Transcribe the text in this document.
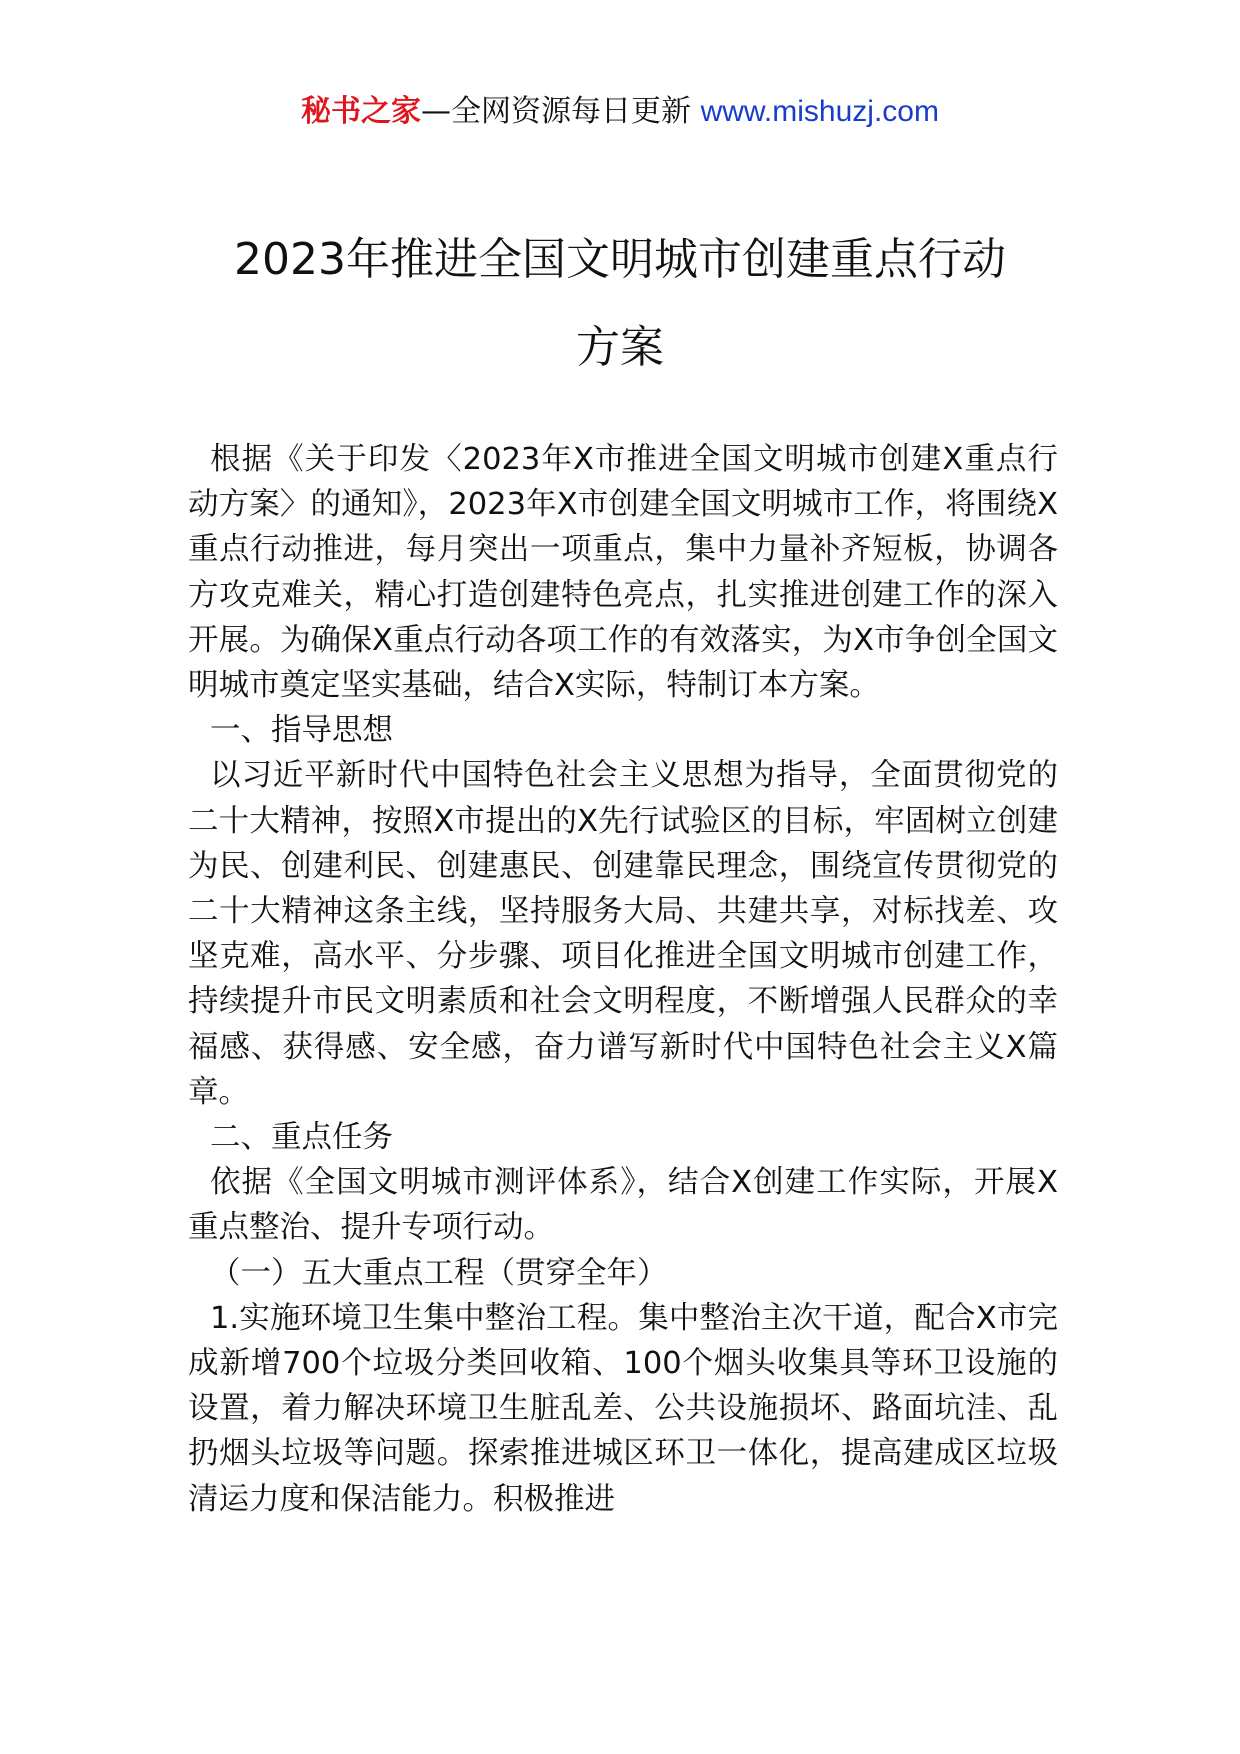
秘书之家—全网资源每日更新 www.mishuzj.com
2023年推进全国文明城市创建重点行动
方案

根据《关于印发〈2023年X市推进全国文明城市创建X重点行动方案〉的通知》，2023年X市创建全国文明城市工作，将围绕X重点行动推进，每月突出一项重点，集中力量补齐短板，协调各方攻克难关，精心打造创建特色亮点，扎实推进创建工作的深入开展。为确保X重点行动各项工作的有效落实，为X市争创全国文明城市奠定坚实基础，结合X实际，特制订本方案。

一、指导思想

以习近平新时代中国特色社会主义思想为指导，全面贯彻党的二十大精神，按照X市提出的X先行试验区的目标，牢固树立创建为民、创建利民、创建惠民、创建靠民理念，围绕宣传贯彻党的二十大精神这条主线，坚持服务大局、共建共享，对标找差、攻坚克难，高水平、分步骤、项目化推进全国文明城市创建工作，持续提升市民文明素质和社会文明程度，不断增强人民群众的幸福感、获得感、安全感，奋力谱写新时代中国特色社会主义X篇章。

二、重点任务

依据《全国文明城市测评体系》，结合X创建工作实际，开展X重点整治、提升专项行动。

（一）五大重点工程（贯穿全年）

1.实施环境卫生集中整治工程。集中整治主次干道，配合X市完成新增700个垃圾分类回收箱、100个烟头收集具等环卫设施的设置，着力解决环境卫生脏乱差、公共设施损坏、路面坑洼、乱扔烟头垃圾等问题。探索推进城区环卫一体化，提高建成区垃圾清运力度和保洁能力。积极推进
